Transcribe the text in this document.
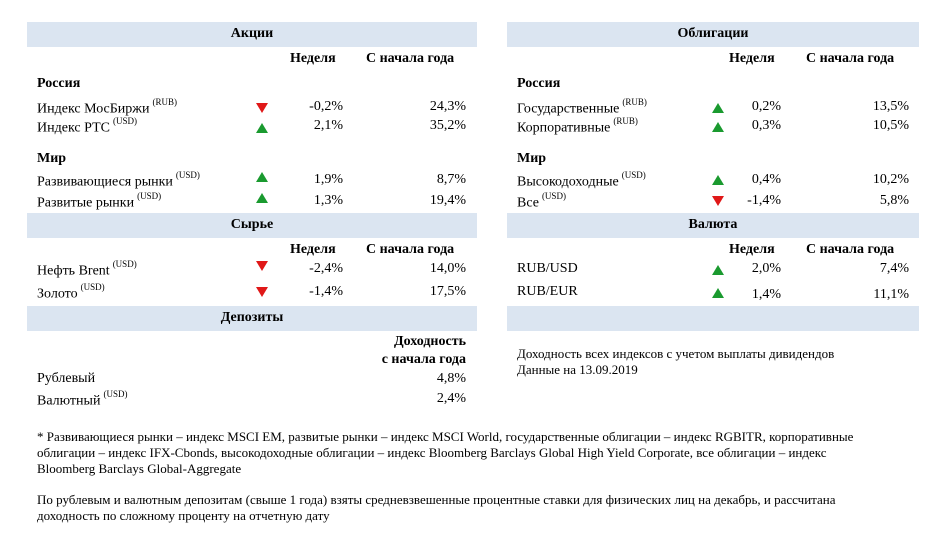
Акции
Неделя С начала года
Россия
Индекс МосБиржи $^{(RUB)}$	-0,2%	24,3%
Индекс РТС $^{(USD)}$	2,1%	35,2%
Мир
Развивающиеся рынки $^{(USD)}$	1,9%	8,7%
Развитые рынки $^{(USD)}$	1,3%	19,4%
Облигации
Неделя С начала года
Россия
Государственные $^{(RUB)}$	0,2%	13,5%
Корпоративные $^{(RUB)}$	0,3%	10,5%
Мир
Высокодоходные $^{(USD)}$	0,4%	10,2%
Все $^{(USD)}$	-1,4%	5,8%
Сырье
Неделя С начала года
Нефть Brent $^{(USD)}$	-2,4%	14,0%
Золото $^{(USD)}$	-1,4%	17,5%
Валюта
Неделя С начала года
RUB/USD	2,0%	7,4%
RUB/EUR	1,4%	11,1%
Депозиты
Доходность
с начала года
Рублевый	4,8%
Валютный $^{(USD)}$	2,4%
Доходность всех индексов с учетом выплаты дивидендов
Данные на 13.09.2019
* Развивающиеся рынки – индекс MSCI EM, развитые рынки – индекс MSCI World, государственные облигации – индекс RGBITR, корпоративные облигации – индекс IFX-Cbonds, высокодоходные облигации – индекс Bloomberg Barclays Global High Yield Corporate, все облигации – индекс Bloomberg Barclays Global-Aggregate
По рублевым и валютным депозитам (свыше 1 года) взяты средневзвешенные процентные ставки для физических лиц на декабрь, и рассчитана доходность по сложному проценту на отчетную дату
